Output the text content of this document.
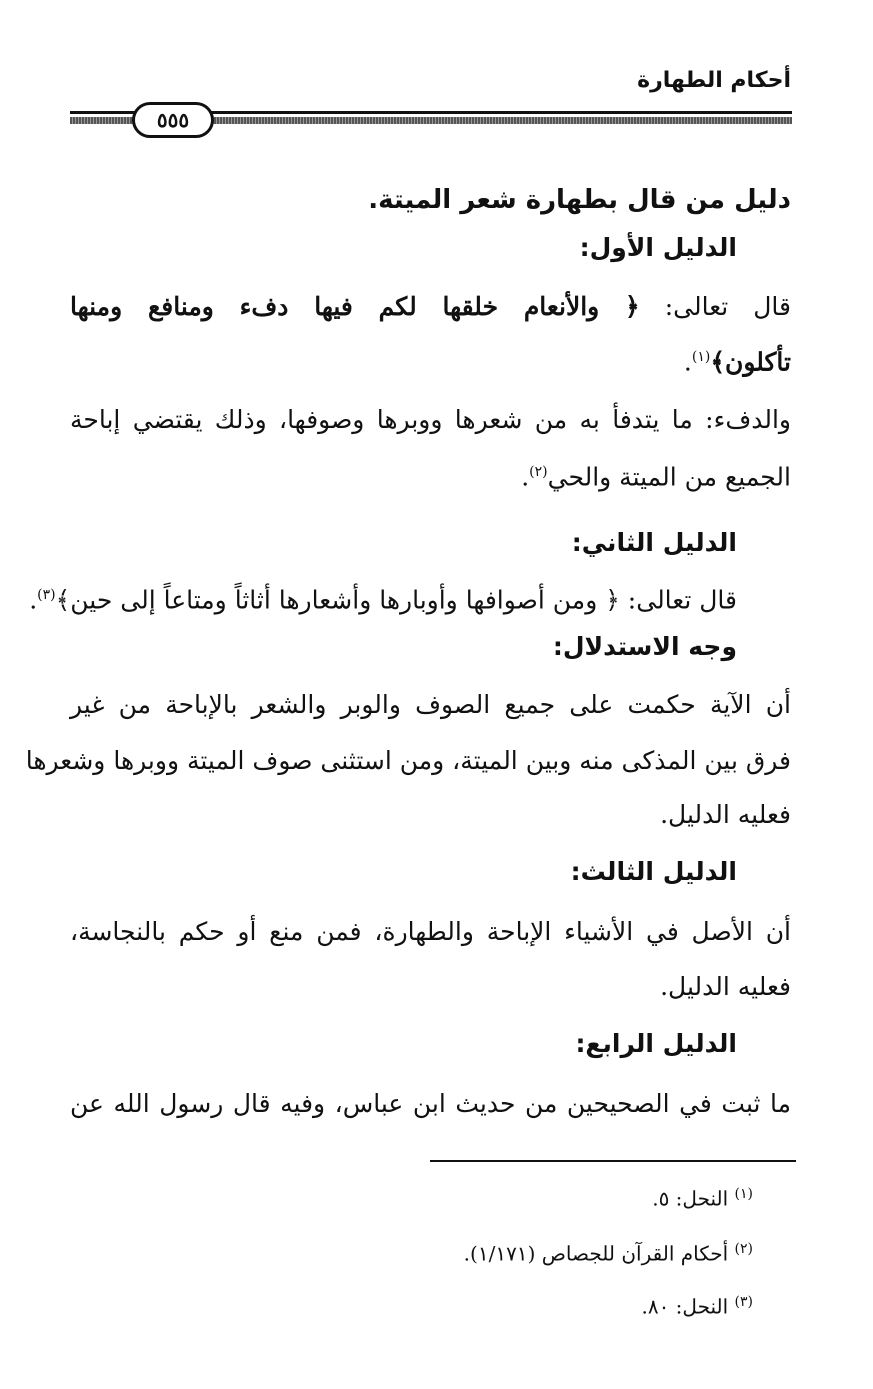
أحكام الطهارة
٥٥٥
دليل من قال بطهارة شعر الميتة.
الدليل الأول:
قال تعالى: ﴿ والأنعام خلقها لكم فيها دفء ومنافع ومنها
تأكلون﴾$^{(١)}$.
والدفء: ما يتدفأ به من شعرها ووبرها وصوفها، وذلك يقتضي إباحة
الجميع من الميتة والحي$^{(٢)}$.
الدليل الثاني:
قال تعالى: ﴿ ومن أصوافها وأوبارها وأشعارها أثاثاً ومتاعاً إلى حين﴾$^{(٣)}$.
وجه الاستدلال:
أن الآية حكمت على جميع الصوف والوبر والشعر بالإباحة من غير
فرق بين المذكى منه وبين الميتة، ومن استثنى صوف الميتة ووبرها وشعرها
فعليه الدليل.
الدليل الثالث:
أن الأصل في الأشياء الإباحة والطهارة، فمن منع أو حكم بالنجاسة،
فعليه الدليل.
الدليل الرابع:
ما ثبت في الصحيحين من حديث ابن عباس، وفيه قال رسول الله عن
$^{(١)}$ النحل: ٥.
$^{(٢)}$ أحكام القرآن للجصاص (١/١٧١).
$^{(٣)}$ النحل: ٨٠.
